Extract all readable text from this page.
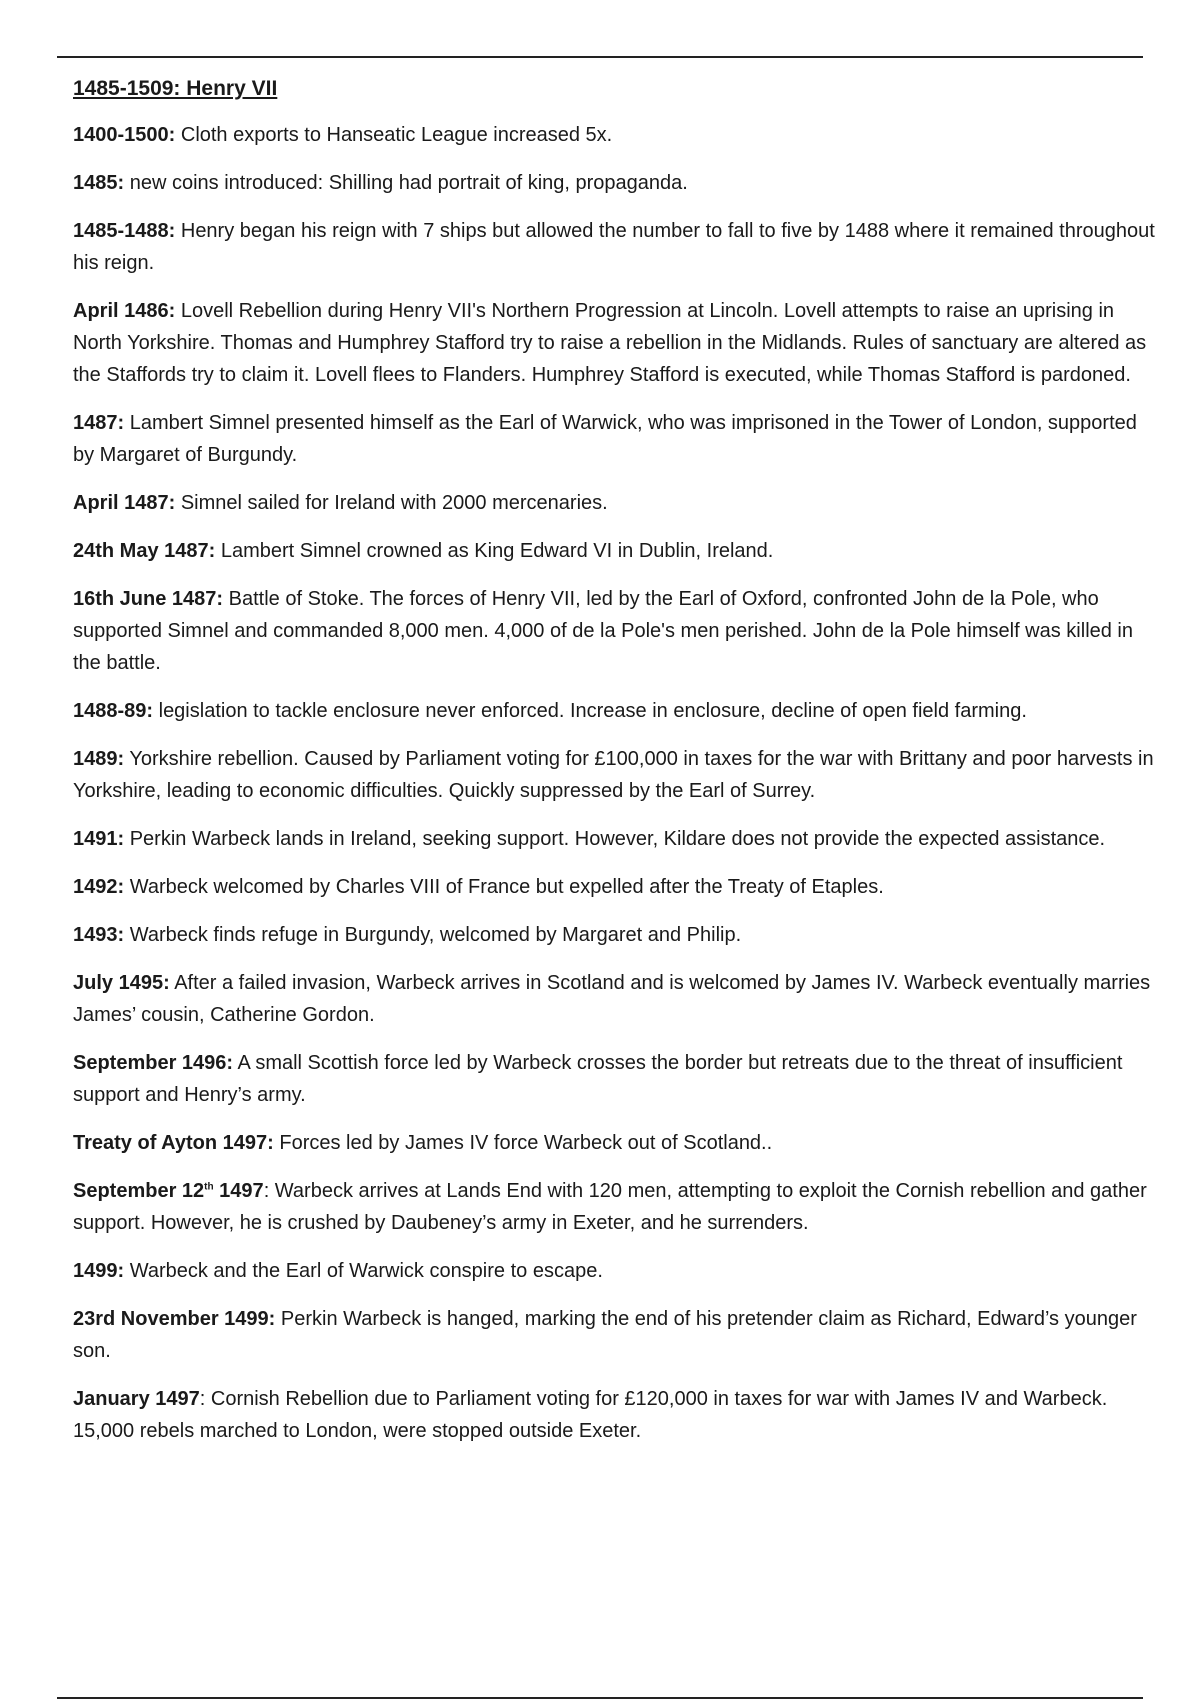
1485-1509: Henry VII

1400-1500: Cloth exports to Hanseatic League increased 5x.

1485: new coins introduced: Shilling had portrait of king, propaganda.

1485-1488: Henry began his reign with 7 ships but allowed the number to fall to five by 1488 where it remained throughout his reign.

April 1486: Lovell Rebellion during Henry VII's Northern Progression at Lincoln. Lovell attempts to raise an uprising in North Yorkshire. Thomas and Humphrey Stafford try to raise a rebellion in the Midlands. Rules of sanctuary are altered as the Staffords try to claim it. Lovell flees to Flanders. Humphrey Stafford is executed, while Thomas Stafford is pardoned.

1487: Lambert Simnel presented himself as the Earl of Warwick, who was imprisoned in the Tower of London, supported by Margaret of Burgundy.

April 1487: Simnel sailed for Ireland with 2000 mercenaries.

24th May 1487: Lambert Simnel crowned as King Edward VI in Dublin, Ireland.

16th June 1487: Battle of Stoke. The forces of Henry VII, led by the Earl of Oxford, confronted John de la Pole, who supported Simnel and commanded 8,000 men. 4,000 of de la Pole's men perished. John de la Pole himself was killed in the battle.

1488-89: legislation to tackle enclosure never enforced. Increase in enclosure, decline of open field farming.

1489: Yorkshire rebellion. Caused by Parliament voting for £100,000 in taxes for the war with Brittany and poor harvests in Yorkshire, leading to economic difficulties. Quickly suppressed by the Earl of Surrey.

1491: Perkin Warbeck lands in Ireland, seeking support. However, Kildare does not provide the expected assistance.

1492: Warbeck welcomed by Charles VIII of France but expelled after the Treaty of Etaples.

1493: Warbeck finds refuge in Burgundy, welcomed by Margaret and Philip.

July 1495: After a failed invasion, Warbeck arrives in Scotland and is welcomed by James IV. Warbeck eventually marries James’ cousin, Catherine Gordon.

September 1496: A small Scottish force led by Warbeck crosses the border but retreats due to the threat of insufficient support and Henry’s army.

Treaty of Ayton 1497: Forces led by James IV force Warbeck out of Scotland..

September 12th 1497: Warbeck arrives at Lands End with 120 men, attempting to exploit the Cornish rebellion and gather support. However, he is crushed by Daubeney’s army in Exeter, and he surrenders.

1499: Warbeck and the Earl of Warwick conspire to escape.

23rd November 1499: Perkin Warbeck is hanged, marking the end of his pretender claim as Richard, Edward’s younger son.

January 1497: Cornish Rebellion due to Parliament voting for £120,000 in taxes for war with James IV and Warbeck. 15,000 rebels marched to London, were stopped outside Exeter.
